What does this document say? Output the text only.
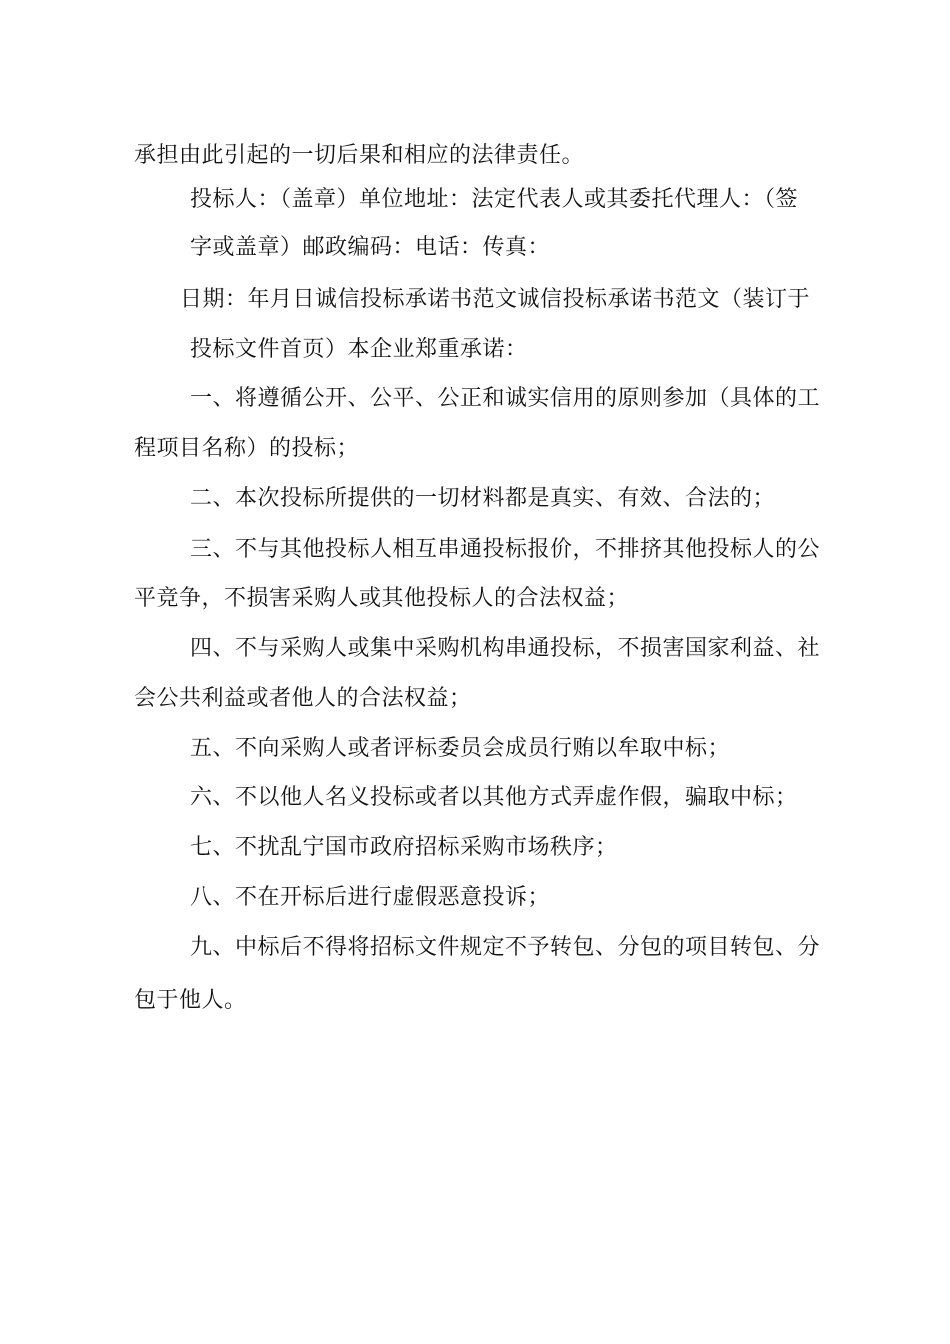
承担由此引起的一切后果和相应的法律责任。
投标人：（盖章）单位地址：法定代表人或其委托代理人：（签
字或盖章）邮政编码：电话：传真：
日期：年月日诚信投标承诺书范文诚信投标承诺书范文（装订于
投标文件首页）本企业郑重承诺：
一、将遵循公开、公平、公正和诚实信用的原则参加（具体的工
程项目名称）的投标；
二、本次投标所提供的一切材料都是真实、有效、合法的；
三、不与其他投标人相互串通投标报价，不排挤其他投标人的公
平竞争，不损害采购人或其他投标人的合法权益；
四、不与采购人或集中采购机构串通投标，不损害国家利益、社
会公共利益或者他人的合法权益；
五、不向采购人或者评标委员会成员行贿以牟取中标；
六、不以他人名义投标或者以其他方式弄虚作假，骗取中标；
七、不扰乱宁国市政府招标采购市场秩序；
八、不在开标后进行虚假恶意投诉；
九、中标后不得将招标文件规定不予转包、分包的项目转包、分
包于他人。
